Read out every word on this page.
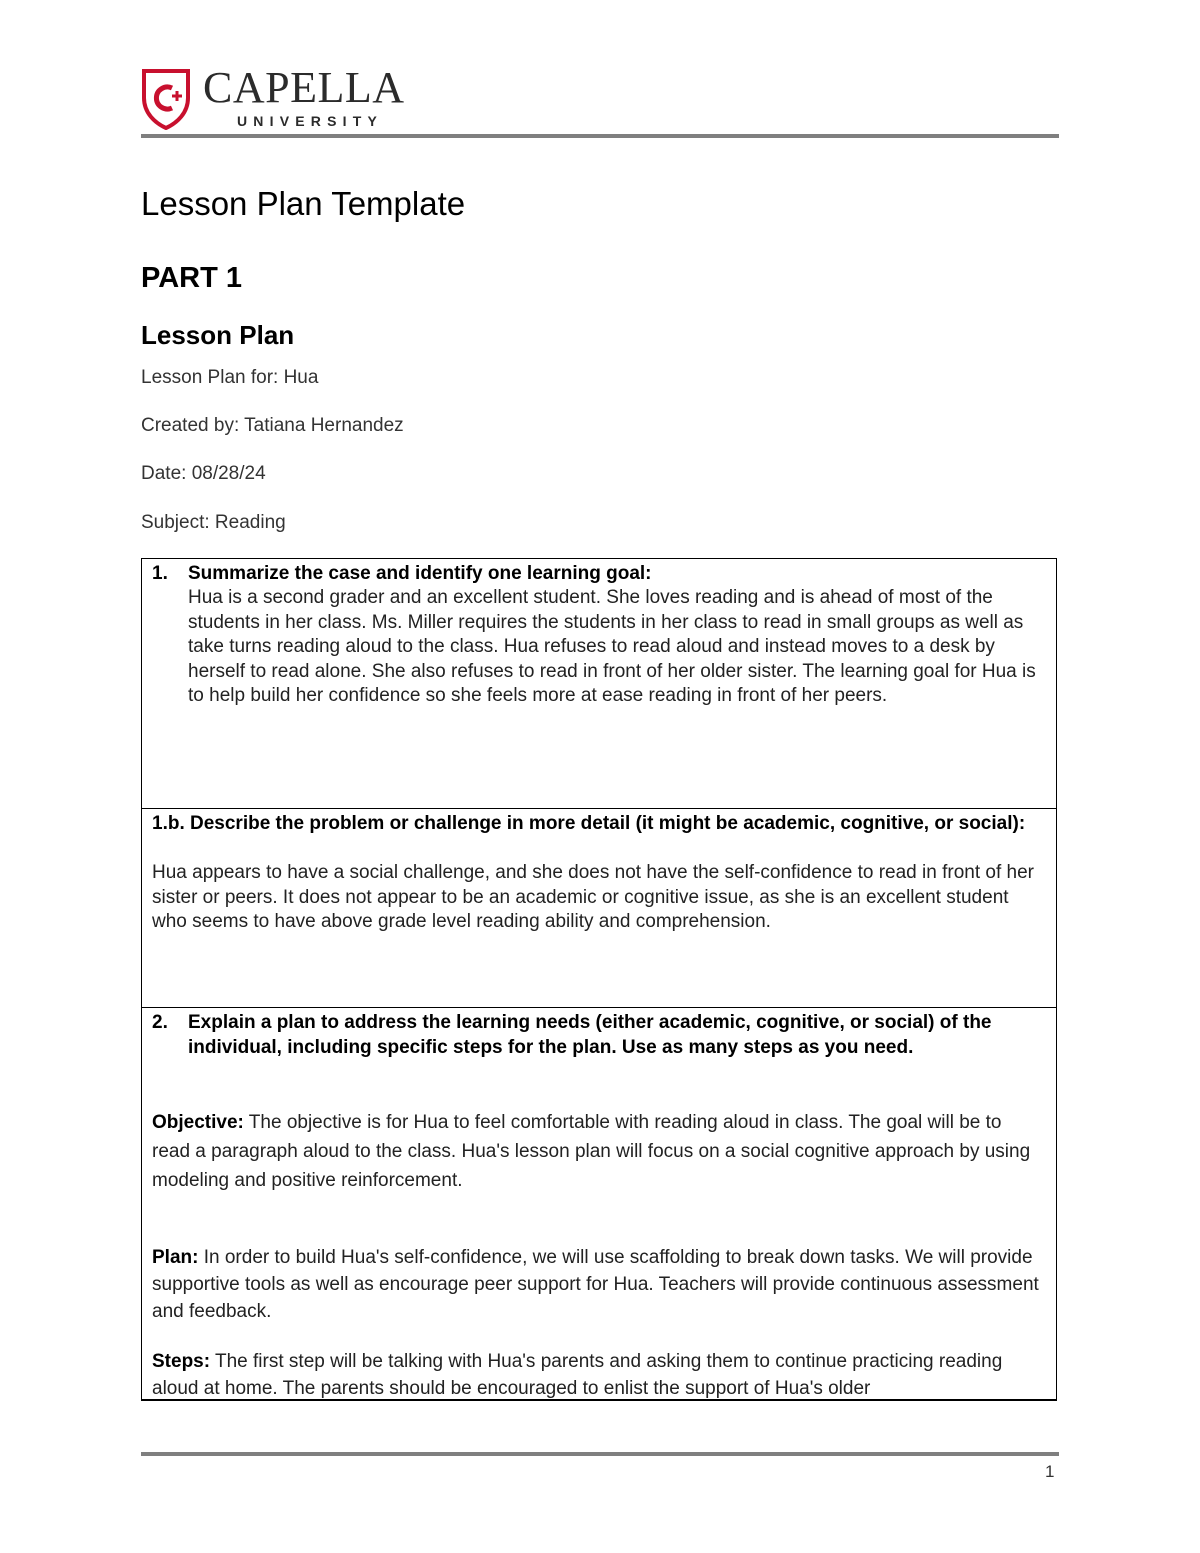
CAPELLA
UNIVERSITY
Lesson Plan Template
PART 1
Lesson Plan
Lesson Plan for: Hua
Created by: Tatiana Hernandez
Date: 08/28/24
Subject: Reading
1. Summarize the case and identify one learning goal:
Hua is a second grader and an excellent student. She loves reading and is ahead of most of the students in her class. Ms. Miller requires the students in her class to read in small groups as well as take turns reading aloud to the class. Hua refuses to read aloud and instead moves to a desk by herself to read alone. She also refuses to read in front of her older sister. The learning goal for Hua is to help build her confidence so she feels more at ease reading in front of her peers.
1.b. Describe the problem or challenge in more detail (it might be academic, cognitive, or social):
Hua appears to have a social challenge, and she does not have the self-confidence to read in front of her sister or peers. It does not appear to be an academic or cognitive issue, as she is an excellent student who seems to have above grade level reading ability and comprehension.
2. Explain a plan to address the learning needs (either academic, cognitive, or social) of the individual, including specific steps for the plan. Use as many steps as you need.
Objective: The objective is for Hua to feel comfortable with reading aloud in class. The goal will be to read a paragraph aloud to the class. Hua's lesson plan will focus on a social cognitive approach by using modeling and positive reinforcement.
Plan: In order to build Hua's self-confidence, we will use scaffolding to break down tasks. We will provide supportive tools as well as encourage peer support for Hua. Teachers will provide continuous assessment and feedback.
Steps: The first step will be talking with Hua's parents and asking them to continue practicing reading aloud at home. The parents should be encouraged to enlist the support of Hua's older
1
